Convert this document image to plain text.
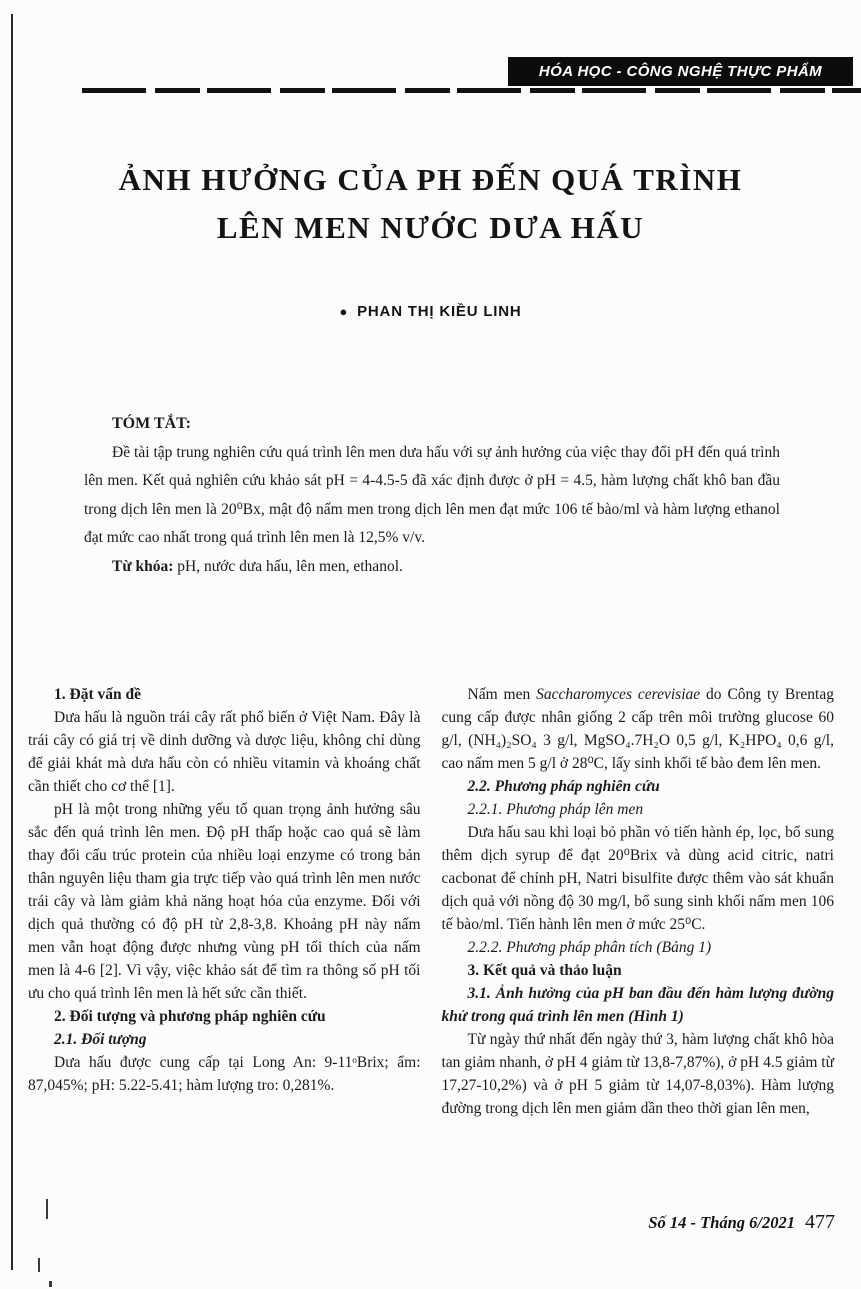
HÓA HỌC - CÔNG NGHỆ THỰC PHẨM
ẢNH HƯỞNG CỦA PH ĐẾN QUÁ TRÌNH
LÊN MEN NƯỚC DƯA HẤU
● PHAN THỊ KIỀU LINH
TÓM TẮT:
Đề tài tập trung nghiên cứu quá trình lên men dưa hấu với sự ảnh hưởng của việc thay đổi pH đến quá trình lên men. Kết quả nghiên cứu khảo sát pH = 4-4.5-5 đã xác định được ở pH = 4.5, hàm lượng chất khô ban đầu trong dịch lên men là 20⁰Bx, mật độ nấm men trong dịch lên men đạt mức 106 tế bào/ml và hàm lượng ethanol đạt mức cao nhất trong quá trình lên men là 12,5% v/v.
Từ khóa: pH, nước dưa hấu, lên men, ethanol.
1. Đặt vấn đề

Dưa hấu là nguồn trái cây rất phổ biến ở Việt Nam. Đây là trái cây có giá trị về dinh dưỡng và dược liệu, không chỉ dùng để giải khát mà dưa hấu còn có nhiều vitamin và khoáng chất cần thiết cho cơ thể [1].

pH là một trong những yếu tố quan trọng ảnh hưởng sâu sắc đến quá trình lên men. Độ pH thấp hoặc cao quá sẽ làm thay đổi cấu trúc protein của nhiều loại enzyme có trong bản thân nguyên liệu tham gia trực tiếp vào quá trình lên men nước trái cây và làm giảm khả năng hoạt hóa của enzyme. Đối với dịch quả thường có độ pH từ 2,8-3,8. Khoảng pH này nấm men vẫn hoạt động được nhưng vùng pH tối thích của nấm men là 4-6 [2]. Vì vậy, việc khảo sát để tìm ra thông số pH tối ưu cho quá trình lên men là hết sức cần thiết.

2. Đối tượng và phương pháp nghiên cứu
2.1. Đối tượng

Dưa hấu được cung cấp tại Long An: 9-11ᵒBrix; ẩm: 87,045%; pH: 5.22-5.41; hàm lượng tro: 0,281%.

Nấm men Saccharomyces cerevisiae do Công ty Brentag cung cấp được nhân giống 2 cấp trên môi trường glucose 60 g/l, (NH₄)₂SO₄ 3 g/l, MgSO₄.7H₂O 0,5 g/l, K₂HPO₄ 0,6 g/l, cao nấm men 5 g/l ở 28⁰C, lấy sinh khối tế bào đem lên men.

2.2. Phương pháp nghiên cứu
2.2.1. Phương pháp lên men

Dưa hấu sau khi loại bỏ phần vỏ tiến hành ép, lọc, bổ sung thêm dịch syrup để đạt 20⁰Brix và dùng acid citric, natri cacbonat để chỉnh pH, Natri bisulfite được thêm vào sát khuẩn dịch quả với nồng độ 30 mg/l, bổ sung sinh khối nấm men 106 tế bào/ml. Tiến hành lên men ở mức 25⁰C.

2.2.2. Phương pháp phân tích (Bảng 1)
3. Kết quả và thảo luận
3.1. Ảnh hưởng của pH ban đầu đến hàm lượng đường khử trong quá trình lên men (Hình 1)

Từ ngày thứ nhất đến ngày thứ 3, hàm lượng chất khô hòa tan giảm nhanh, ở pH 4 giảm từ 13,8-7,87%), ở pH 4.5 giảm từ 17,27-10,2%) và ở pH 5 giảm từ 14,07-8,03%). Hàm lượng đường trong dịch lên men giảm dần theo thời gian lên men,

Số 14 - Tháng 6/2021 477
